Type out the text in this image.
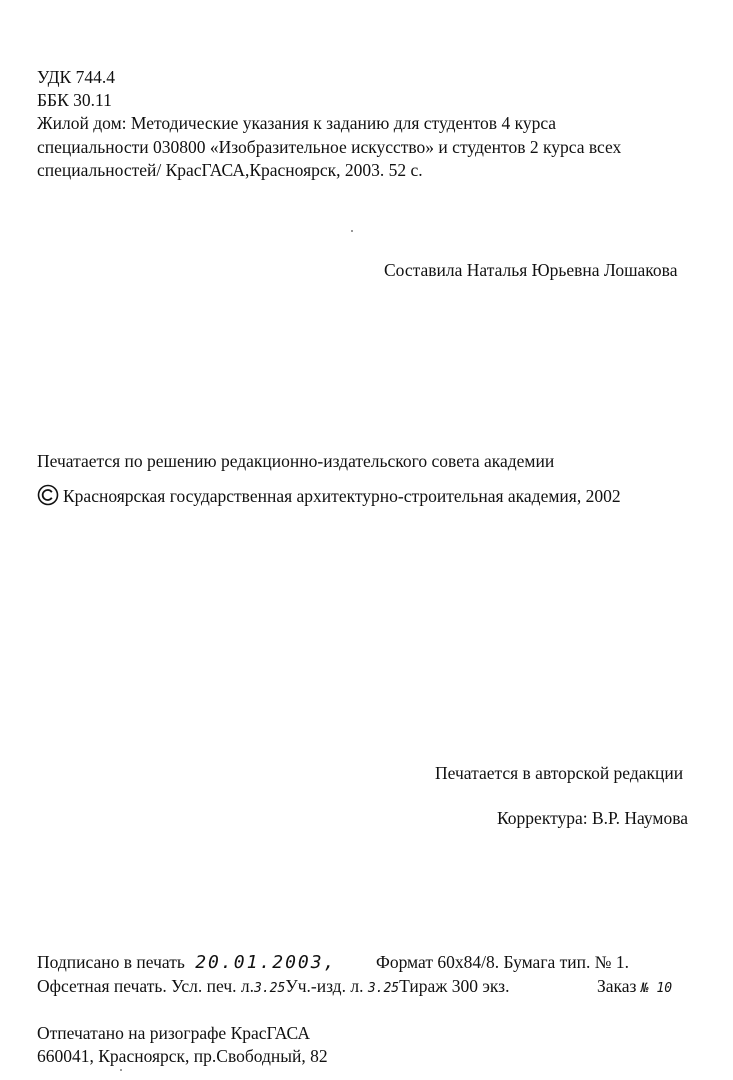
УДК 744.4
ББК 30.11
Жилой дом: Методические указания к заданию для студентов 4 курса
специальности 030800 «Изобразительное искусство» и студентов 2 курса всех
специальностей/ КрасГАСА,Красноярск, 2003. 52 с.
Составила Наталья Юрьевна Лошакова
Печатается по решению редакционно-издательского совета академии
Красноярская государственная архитектурно-строительная академия, 2002
Печатается в авторской редакции
Корректура: В.Р. Наумова
Подписано в печать 20.01.2003, Формат 60x84/8. Бумага тип. № 1.
Офсетная печать. Усл. печ. л.3.25Уч.-изд. л. 3.25Тираж 300 экз.	Заказ № 10
Отпечатано на ризографе КрасГАСА
660041, Красноярск, пр.Свободный, 82
